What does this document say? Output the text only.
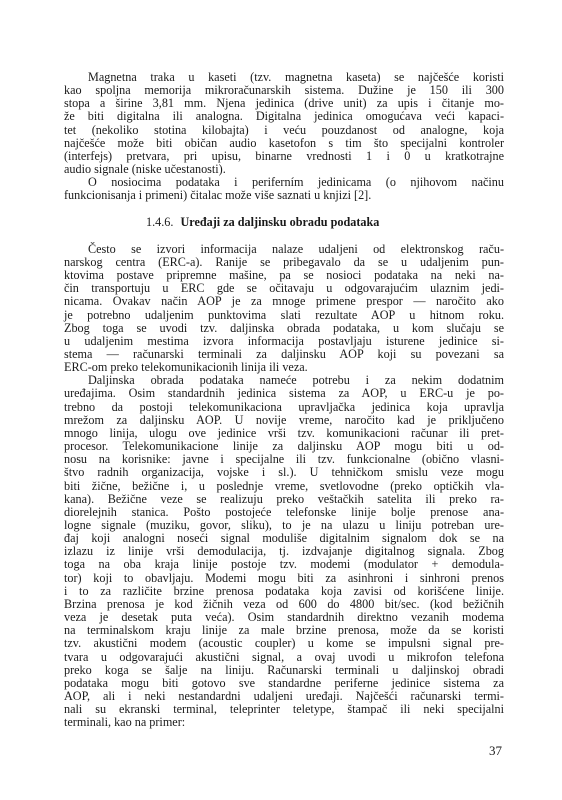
Magnetna traka u kaseti (tzv. magnetna kaseta) se najčešće koristi
kao spoljna memorija mikroračunarskih sistema. Dužine je 150 ili 300
stopa a širine 3,81 mm. Njena jedinica (drive unit) za upis i čitanje mo-
že biti digitalna ili analogna. Digitalna jedinica omogućava veći kapaci-
tet (nekoliko stotina kilobajta) i veću pouzdanost od analogne, koja
najčešće može biti običan audio kasetofon s tim što specijalni kontroler
(interfejs) pretvara, pri upisu, binarne vrednosti 1 i 0 u kratkotrajne
audio signale (niske učestanosti).
O nosiocima podataka i periferním jedinicama (o njihovom načinu
funkcionisanja i primeni) čitalac može više saznati u knjizi [2].
1.4.6. Uređaji za daljinsku obradu podataka
Često se izvori informacija nalaze udaljeni od elektronskog raču-
narskog centra (ERC-a). Ranije se pribegavalo da se u udaljenim pun-
ktovima postave pripremne mašine, pa se nosioci podataka na neki na-
čin transportuju u ERC gde se očitavaju u odgovarajućim ulaznim jedi-
nicama. Ovakav način AOP je za mnoge primene prespor — naročito ako
je potrebno udaljenim punktovima slati rezultate AOP u hitnom roku.
Zbog toga se uvodi tzv. daljinska obrada podataka, u kom slučaju se
u udaljenim mestima izvora informacija postavljaju isturene jedinice si-
stema — računarski terminali za daljinsku AOP koji su povezani sa
ERC-om preko telekomunikacionih linija ili veza.
Daljinska obrada podataka nameće potrebu i za nekim dodatnim
uređajima. Osim standardnih jedinica sistema za AOP, u ERC-u je po-
trebno da postoji telekomunikaciona upravljačka jedinica koja upravlja
mrežom za daljinsku AOP. U novije vreme, naročito kad je priključeno
mnogo linija, ulogu ove jedinice vrši tzv. komunikacioni računar ili pret-
procesor. Telekomunikacione linije za daljinsku AOP mogu biti u od-
nosu na korisnike: javne i specijalne ili tzv. funkcionalne (obično vlasni-
štvo radnih organizacija, vojske i sl.). U tehničkom smislu veze mogu
biti žične, bežične i, u poslednje vreme, svetlovodne (preko optičkih vla-
kana). Bežične veze se realizuju preko veštačkih satelita ili preko ra-
diorelejnih stanica. Pošto postojeće telefonske linije bolje prenose ana-
logne signale (muziku, govor, sliku), to je na ulazu u liniju potreban ure-
đaj koji analogni noseći signal moduliše digitalnim signalom dok se na
izlazu iz linije vrši demodulacija, tj. izdvajanje digitalnog signala. Zbog
toga na oba kraja linije postoje tzv. modemi (modulator + demodula-
tor) koji to obavljaju. Modemi mogu biti za asinhroni i sinhroni prenos
i to za različite brzine prenosa podataka koja zavisi od korišćene linije.
Brzina prenosa je kod žičnih veza od 600 do 4800 bit/sec. (kod bežičnih
veza je desetak puta veća). Osim standardnih direktno vezanih modema
na terminalskom kraju linije za male brzine prenosa, može da se koristi
tzv. akustični modem (acoustic coupler) u kome se impulsni signal pre-
tvara u odgovarajući akustični signal, a ovaj uvodi u mikrofon telefona
preko koga se šalje na liniju. Računarski terminali u daljinskoj obradi
podataka mogu biti gotovo sve standardne periferne jedinice sistema za
AOP, ali i neki nestandardni udaljeni uređaji. Najčešći računarski termi-
nali su ekranski terminal, teleprinter teletype, štampač ili neki specijalni
terminali, kao na primer:
37
